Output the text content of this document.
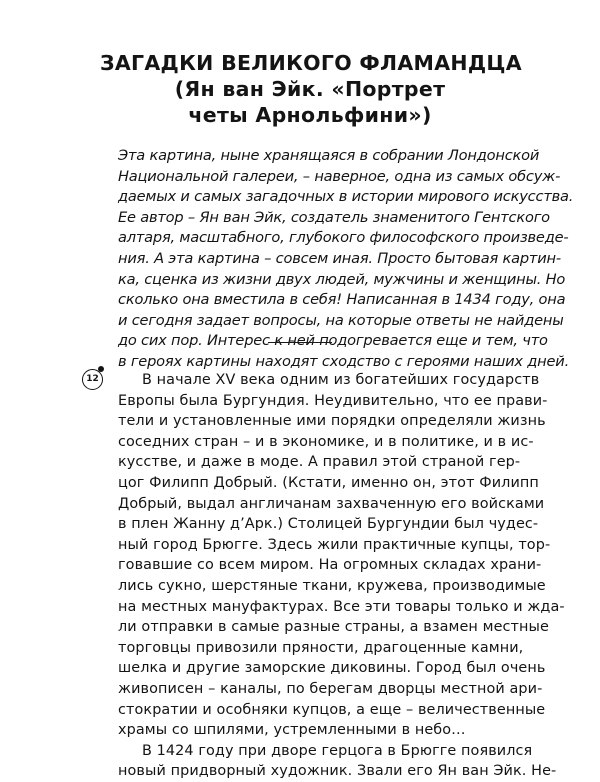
ЗАГАДКИ ВЕЛИКОГО ФЛАМАНДЦА
(Ян ван Эйк. «Портрет
четы Арнольфини»)
Эта картина, ныне хранящаяся в собрании Лондонской
Национальной галереи, – наверное, одна из самых обсуж-
даемых и самых загадочных в истории мирового искусства.
Ее автор – Ян ван Эйк, создатель знаменитого Гентского
алтаря, масштабного, глубокого философского произведе-
ния. А эта картина – совсем иная. Просто бытовая картин-
ка, сценка из жизни двух людей, мужчины и женщины. Но
сколько она вместила в себя! Написанная в 1434 году, она
и сегодня задает вопросы, на которые ответы не найдены
до сих пор. Интерес к ней подогревается еще и тем, что
в героях картины находят сходство с героями наших дней.
12	В начале XV века одним из богатейших государств
Европы была Бургундия. Неудивительно, что ее прави-
тели и установленные ими порядки определяли жизнь
соседних стран – и в экономике, и в политике, и в ис-
кусстве, и даже в моде. А правил этой страной гер-
цог Филипп Добрый. (Кстати, именно он, этот Филипп
Добрый, выдал англичанам захваченную его войсками
в плен Жанну д’Арк.) Столицей Бургундии был чудес-
ный город Брюгге. Здесь жили практичные купцы, тор-
говавшие со всем миром. На огромных складах храни-
лись сукно, шерстяные ткани, кружева, производимые
на местных мануфактурах. Все эти товары только и жда-
ли отправки в самые разные страны, а взамен местные
торговцы привозили пряности, драгоценные камни,
шелка и другие заморские диковины. Город был очень
живописен – каналы, по берегам дворцы местной ари-
стократии и особняки купцов, а еще – величественные
храмы со шпилями, устремленными в небо…
В 1424 году при дворе герцога в Брюгге появился
новый придворный художник. Звали его Ян ван Эйк. Не-
